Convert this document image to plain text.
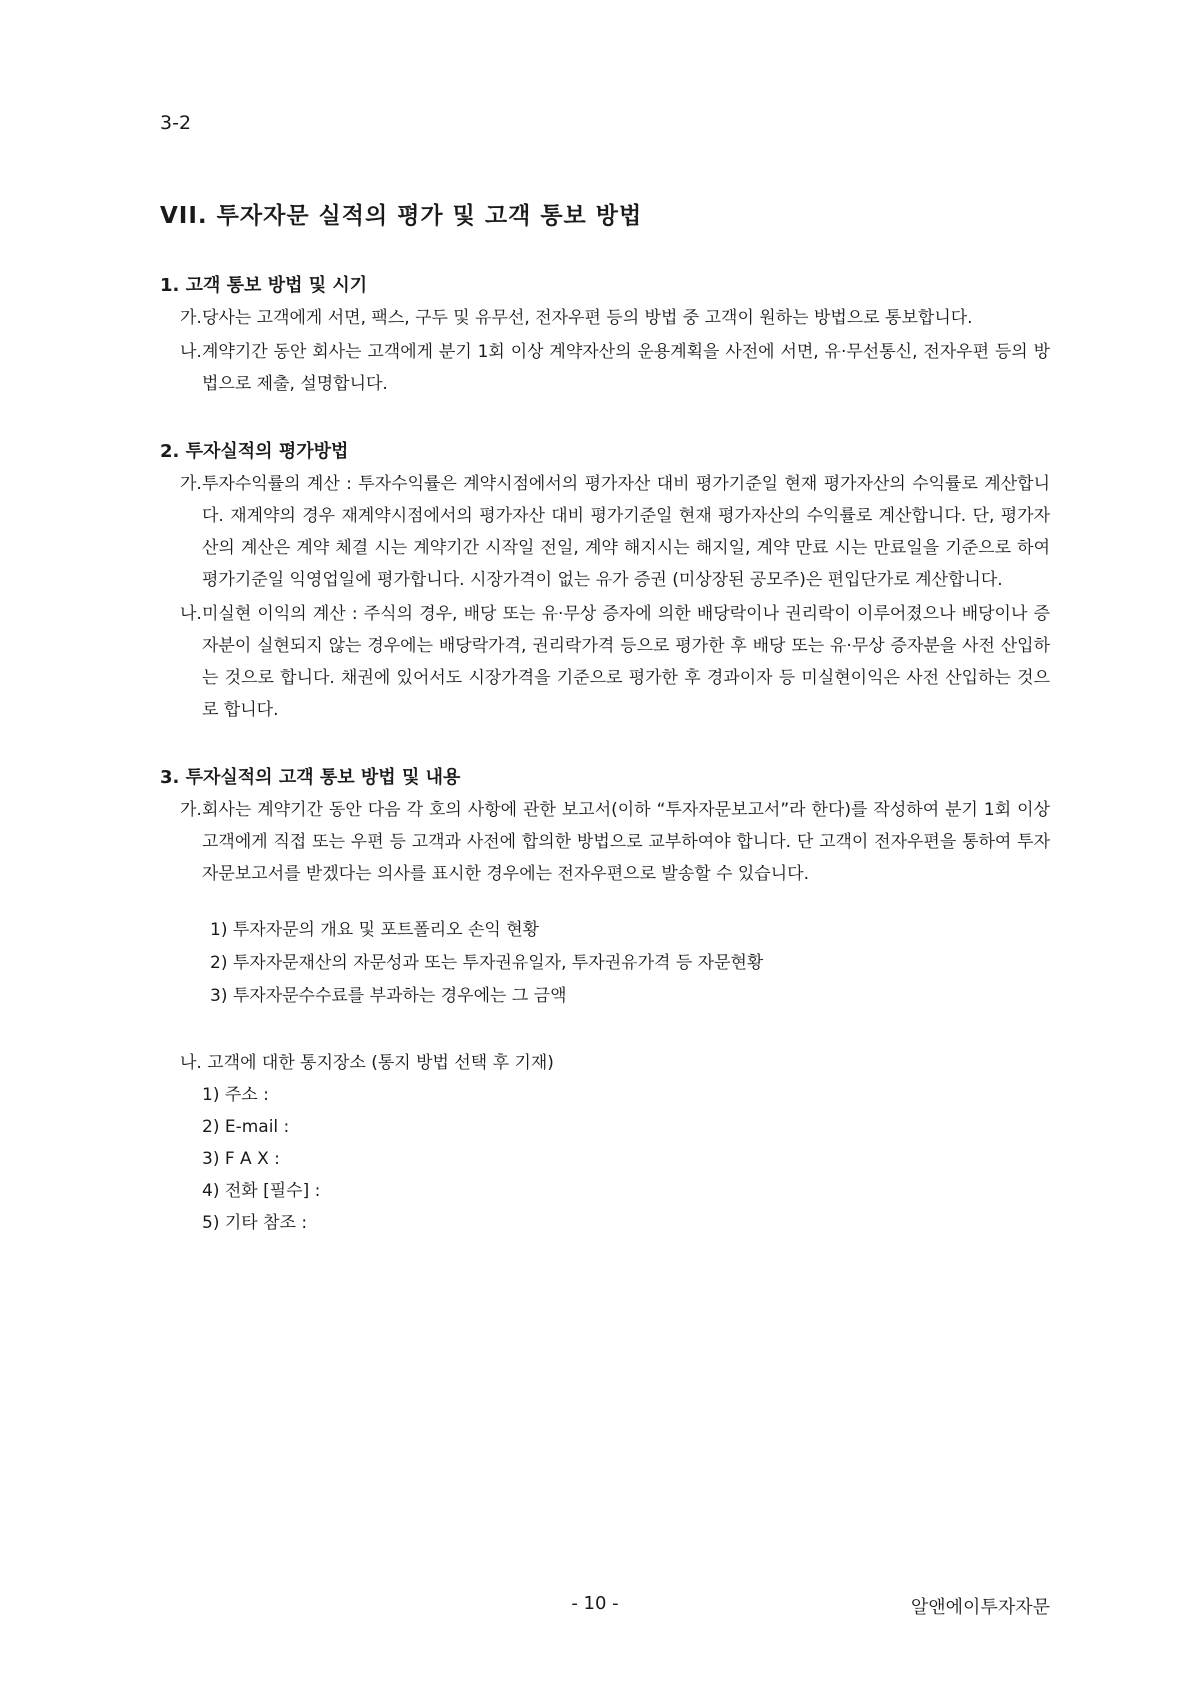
3-2
VII. 투자자문 실적의 평가 및 고객 통보 방법

1. 고객 통보 방법 및 시기

가. 당사는 고객에게 서면, 팩스, 구두 및 유무선, 전자우편 등의 방법 중 고객이 원하는 방법으로 통보합니다.
나. 계약기간 동안 회사는 고객에게 분기 1회 이상 계약자산의 운용계획을 사전에 서면, 유·무선통신, 전자우편 등의 방법으로 제출, 설명합니다.

2. 투자실적의 평가방법

가. 투자수익률의 계산 : 투자수익률은 계약시점에서의 평가자산 대비 평가기준일 현재 평가자산의 수익률로 계산합니다. 재계약의 경우 재계약시점에서의 평가자산 대비 평가기준일 현재 평가자산의 수익률로 계산합니다. 단, 평가자산의 계산은 계약 체결 시는 계약기간 시작일 전일, 계약 해지시는 해지일, 계약 만료 시는 만료일을 기준으로 하여 평가기준일 익영업일에 평가합니다. 시장가격이 없는 유가 증권 (미상장된 공모주)은 편입단가로 계산합니다.
나. 미실현 이익의 계산 : 주식의 경우, 배당 또는 유·무상 증자에 의한 배당락이나 권리락이 이루어졌으나 배당이나 증자분이 실현되지 않는 경우에는 배당락가격, 권리락가격 등으로 평가한 후 배당 또는 유·무상 증자분을 사전 산입하는 것으로 합니다. 채권에 있어서도 시장가격을 기준으로 평가한 후 경과이자 등 미실현이익은 사전 산입하는 것으로 합니다.

3. 투자실적의 고객 통보 방법 및 내용

가. 회사는 계약기간 동안 다음 각 호의 사항에 관한 보고서(이하 “투자자문보고서”라 한다)를 작성하여 분기 1회 이상 고객에게 직접 또는 우편 등 고객과 사전에 합의한 방법으로 교부하여야 합니다. 단 고객이 전자우편을 통하여 투자자문보고서를 받겠다는 의사를 표시한 경우에는 전자우편으로 발송할 수 있습니다.

1) 투자자문의 개요 및 포트폴리오 손익 현황

2) 투자자문재산의 자문성과 또는 투자권유일자, 투자권유가격 등 자문현황

3) 투자자문수수료를 부과하는 경우에는 그 금액

나. 고객에 대한 통지장소 (통지 방법 선택 후 기재)

1) 주소 :

2) E-mail :

3) F A X :

4) 전화 [필수] :

5) 기타 참조 :

- 10 -	알앤에이투자자문
